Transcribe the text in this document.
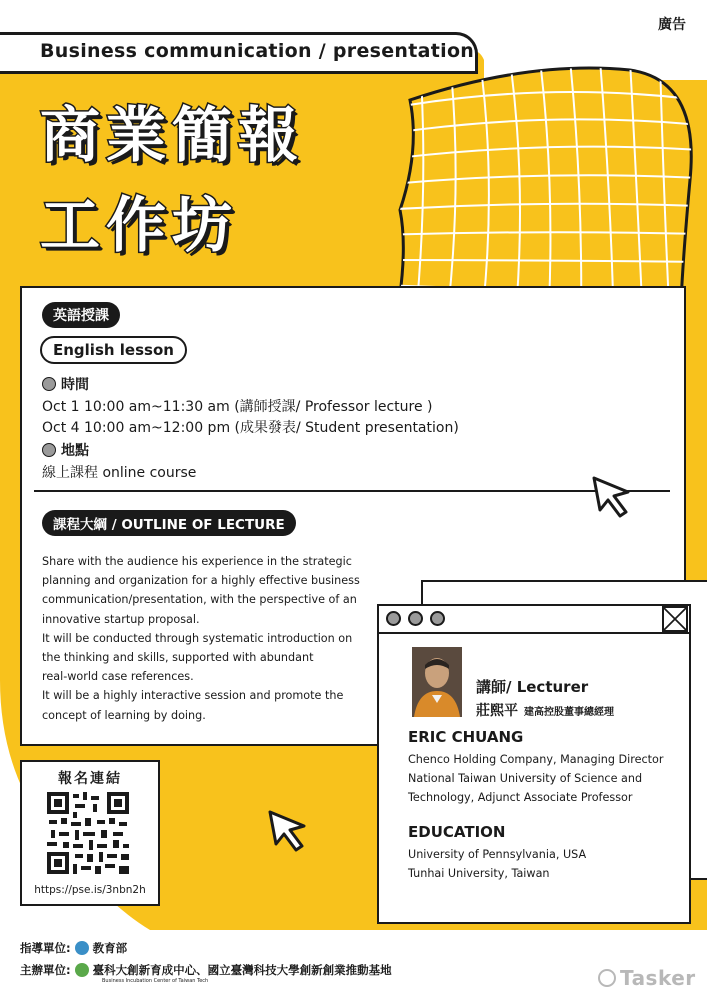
Business communication / presentation
廣告
商業簡報
工作坊
英語授課
English lesson
時間
Oct 1 10:00 am~11:30 am (講師授課/ Professor lecture )
Oct 4 10:00 am~12:00 pm (成果發表/ Student presentation)
地點
線上課程 online course
課程大綱 / OUTLINE OF LECTURE
Share with the audience his experience in the strategic
planning and organization for a highly effective business
communication/presentation, with the perspective of an
innovative startup proposal.
It will be conducted through systematic introduction on
the thinking and skills, supported with abundant
real-world case references.
It will be a highly interactive session and promote the
concept of learning by doing.
講師/ Lecturer
莊熙平 建高控股董事總經理
ERIC CHUANG
Chenco Holding Company, Managing Director
National Taiwan University of Science and
Technology, Adjunct Associate Professor
EDUCATION
University of Pennsylvania, USA
Tunhai University, Taiwan
報名連結
https://pse.is/3nbn2h
指導單位: 教育部
主辦單位: 臺科大創新育成中心、國立臺灣科技大學創新創業推動基地
Business Incubation Center of Taiwan Tech	Tasker
